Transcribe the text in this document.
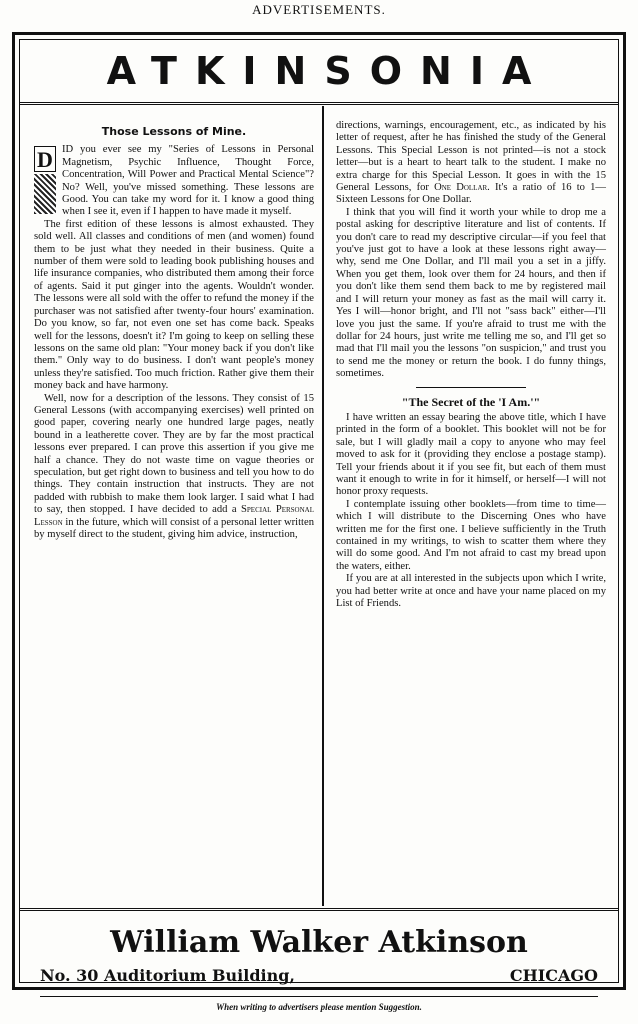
ADVERTISEMENTS.
ATKINSONIA
Those Lessons of Mine.

D ID you ever see my "Series of Lessons in Personal Magnetism, Psychic Influence, Thought Force, Concentration, Will Power and Practical Mental Science"? No? Well, you've missed something. These lessons are Good. You can take my word for it. I know a good thing when I see it, even if I happen to have made it myself.

The first edition of these lessons is almost exhausted. They sold well. All classes and conditions of men (and women) found them to be just what they needed in their business. Quite a number of them were sold to leading book publishing houses and life insurance companies, who distributed them among their force of agents. Said it put ginger into the agents. Wouldn't wonder. The lessons were all sold with the offer to refund the money if the purchaser was not satisfied after twenty-four hours' examination. Do you know, so far, not even one set has come back. Speaks well for the lessons, doesn't it? I'm going to keep on selling these lessons on the same old plan: "Your money back if you don't like them." Only way to do business. I don't want people's money unless they're satisfied. Too much friction. Rather give them their money back and have harmony.

Well, now for a description of the lessons. They consist of 15 General Lessons (with accompanying exercises) well printed on good paper, covering nearly one hundred large pages, neatly bound in a leatherette cover. They are by far the most practical lessons ever prepared. I can prove this assertion if you give me half a chance. They do not waste time on vague theories or speculation, but get right down to business and tell you how to do things. They contain instruction that instructs. They are not padded with rubbish to make them look larger. I said what I had to say, then stopped. I have decided to add a Special Personal Lesson in the future, which will consist of a personal letter written by myself direct to the student, giving him advice, instruction,

directions, warnings, encouragement, etc., as indicated by his letter of request, after he has finished the study of the General Lessons. This Special Lesson is not printed—is not a stock letter—but is a heart to heart talk to the student. I make no extra charge for this Special Lesson. It goes in with the 15 General Lessons, for One Dollar. It's a ratio of 16 to 1—Sixteen Lessons for One Dollar.

I think that you will find it worth your while to drop me a postal asking for descriptive literature and list of contents. If you don't care to read my descriptive circular—if you feel that you've just got to have a look at these lessons right away—why, send me One Dollar, and I'll mail you a set in a jiffy. When you get them, look over them for 24 hours, and then if you don't like them send them back to me by registered mail and I will return your money as fast as the mail will carry it. Yes I will—honor bright, and I'll not "sass back" either—I'll love you just the same. If you're afraid to trust me with the dollar for 24 hours, just write me telling me so, and I'll get so mad that I'll mail you the lessons "on suspicion," and trust you to send me the money or return the book. I do funny things, sometimes.

"The Secret of the 'I Am.'"

I have written an essay bearing the above title, which I have printed in the form of a booklet. This booklet will not be for sale, but I will gladly mail a copy to anyone who may feel moved to ask for it (providing they enclose a postage stamp). Tell your friends about it if you see fit, but each of them must want it enough to write in for it himself, or herself—I will not honor proxy requests.

I contemplate issuing other booklets—from time to time—which I will distribute to the Discerning Ones who have written me for the first one. I believe sufficiently in the Truth contained in my writings, to wish to scatter them where they will do some good. And I'm not afraid to cast my bread upon the waters, either.

If you are at all interested in the subjects upon which I write, you had better write at once and have your name placed on my List of Friends.

William Walker Atkinson
No. 30 Auditorium Building,	CHICAGO
When writing to advertisers please mention Suggestion.
